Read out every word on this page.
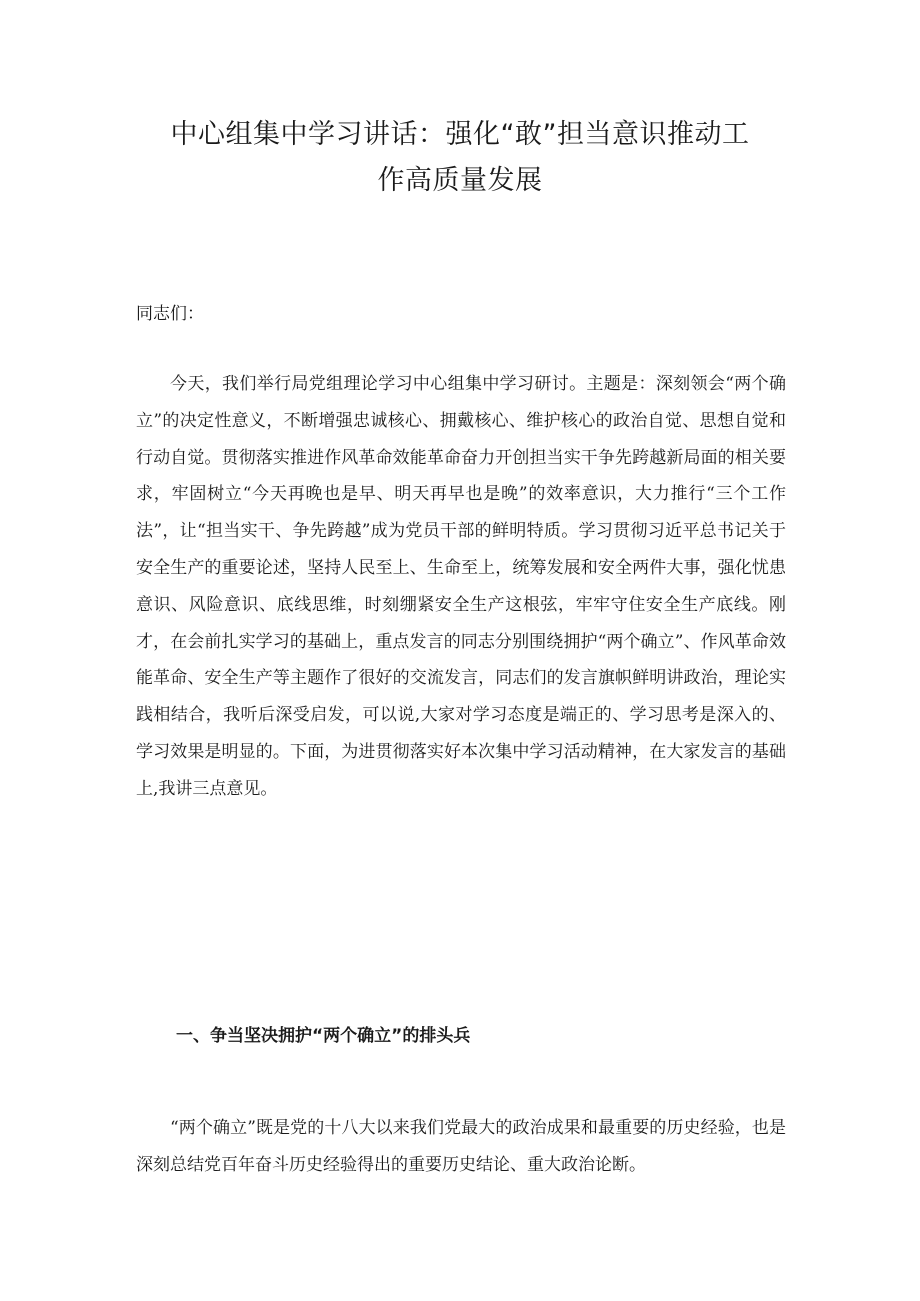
中心组集中学习讲话：强化“敢”担当意识推动工
作高质量发展

同志们：

今天，我们举行局党组理论学习中心组集中学习研讨。主题是：深刻领会“两个确立”的决定性意义，不断增强忠诚核心、拥戴核心、维护核心的政治自觉、思想自觉和行动自觉。贯彻落实推进作风革命效能革命奋力开创担当实干争先跨越新局面的相关要求，牢固树立“今天再晚也是早、明天再早也是晚”的效率意识，大力推行“三个工作法”，让“担当实干、争先跨越”成为党员干部的鲜明特质。学习贯彻习近平总书记关于安全生产的重要论述，坚持人民至上、生命至上，统筹发展和安全两件大事，强化忧患意识、风险意识、底线思维，时刻绷紧安全生产这根弦，牢牢守住安全生产底线。刚才，在会前扎实学习的基础上，重点发言的同志分别围绕拥护“两个确立”、作风革命效能革命、安全生产等主题作了很好的交流发言，同志们的发言旗帜鲜明讲政治，理论实践相结合，我听后深受启发，可以说,大家对学习态度是端正的、学习思考是深入的、学习效果是明显的。下面，为进贯彻落实好本次集中学习活动精神，在大家发言的基础上,我讲三点意见。

一、争当坚决拥护“两个确立”的排头兵

“两个确立”既是党的十八大以来我们党最大的政治成果和最重要的历史经验，也是深刻总结党百年奋斗历史经验得出的重要历史结论、重大政治论断。
